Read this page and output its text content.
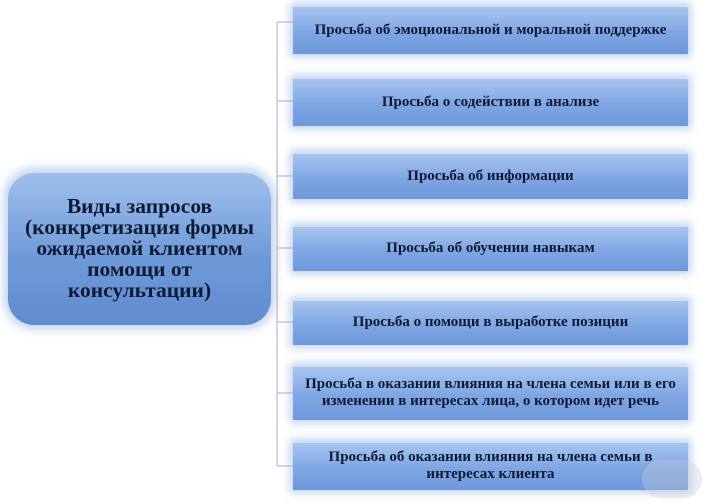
Виды запросов (конкретизация формы ожидаемой клиентом помощи от консультации)
Просьба об эмоциональной и моральной поддержке
Просьба о содействии в анализе
Просьба об информации
Просьба об обучении навыкам
Просьба о помощи в выработке позиции
Просьба в оказании влияния на члена семьи или в его изменении в интересах лица, о котором идет речь
Просьба об оказании влияния на члена семьи в интересах клиента
